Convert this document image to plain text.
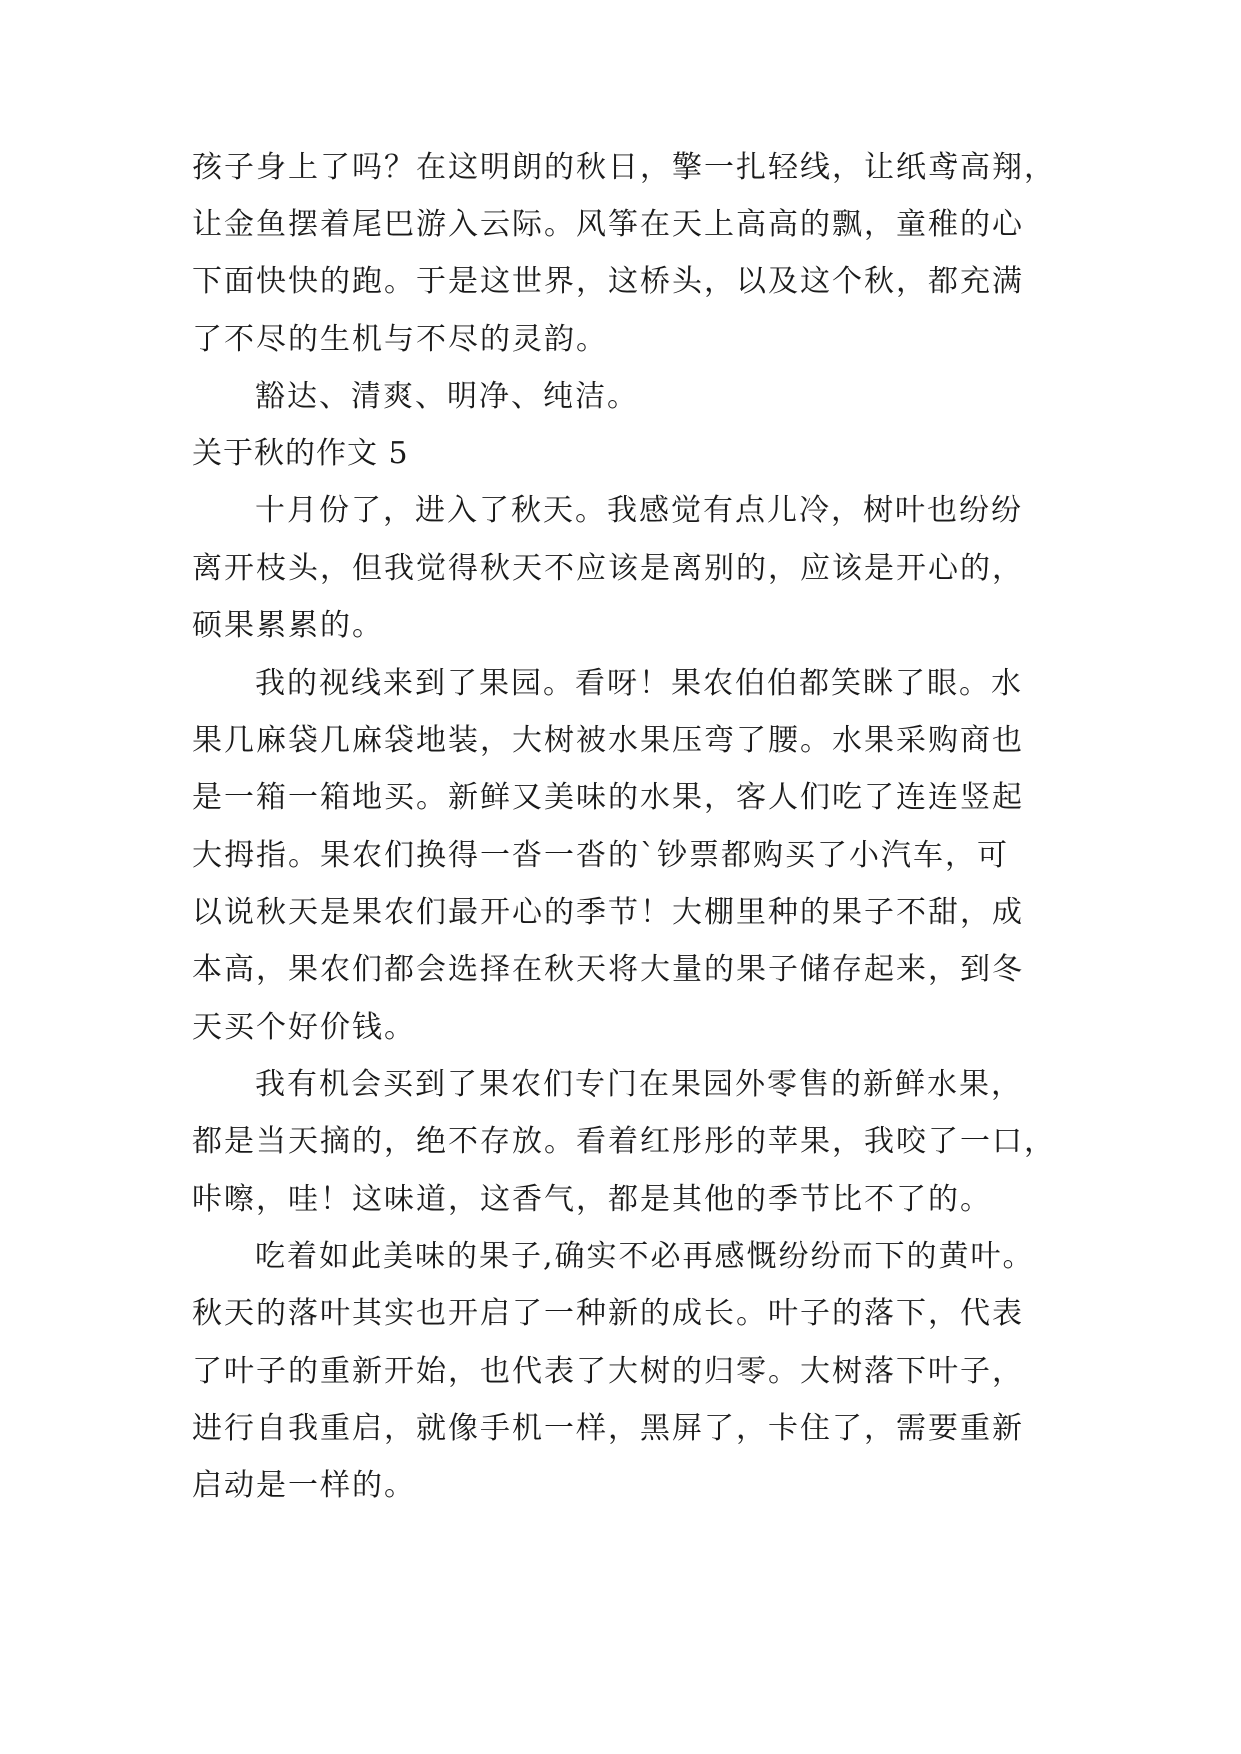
孩子身上了吗？在这明朗的秋日，擎一扎轻线，让纸鸢高翔，
让金鱼摆着尾巴游入云际。风筝在天上高高的飘，童稚的心
下面快快的跑。于是这世界，这桥头，以及这个秋，都充满
了不尽的生机与不尽的灵韵。
豁达、清爽、明净、纯洁。
关于秋的作文 5
十月份了，进入了秋天。我感觉有点儿冷，树叶也纷纷
离开枝头，但我觉得秋天不应该是离别的，应该是开心的，
硕果累累的。
我的视线来到了果园。看呀！果农伯伯都笑眯了眼。水
果几麻袋几麻袋地装，大树被水果压弯了腰。水果采购商也
是一箱一箱地买。新鲜又美味的水果，客人们吃了连连竖起
大拇指。果农们换得一沓一沓的`钞票都购买了小汽车，可
以说秋天是果农们最开心的季节！大棚里种的果子不甜，成
本高，果农们都会选择在秋天将大量的果子储存起来，到冬
天买个好价钱。
我有机会买到了果农们专门在果园外零售的新鲜水果，
都是当天摘的，绝不存放。看着红彤彤的苹果，我咬了一口，
咔嚓，哇！这味道，这香气，都是其他的季节比不了的。
吃着如此美味的果子,确实不必再感慨纷纷而下的黄叶。
秋天的落叶其实也开启了一种新的成长。叶子的落下，代表
了叶子的重新开始，也代表了大树的归零。大树落下叶子，
进行自我重启，就像手机一样，黑屏了，卡住了，需要重新
启动是一样的。
